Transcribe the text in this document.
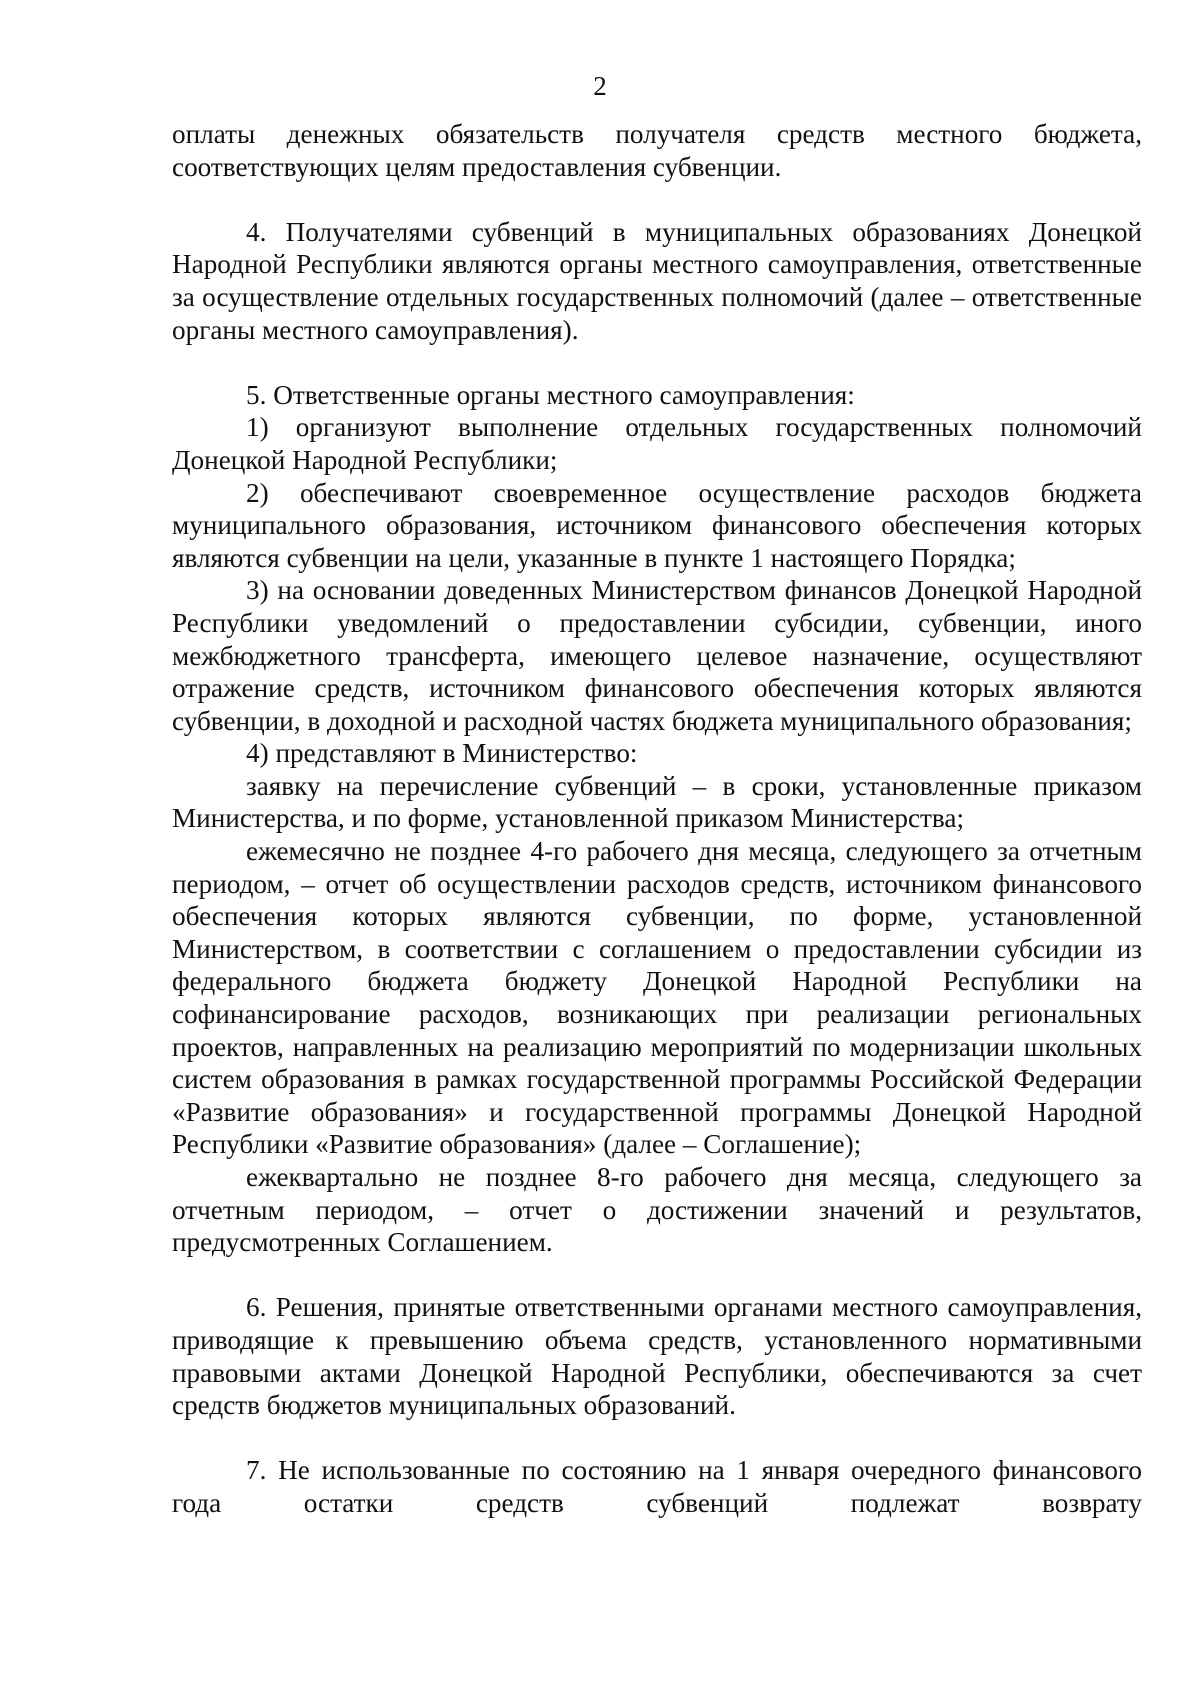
2

оплаты денежных обязательств получателя средств местного бюджета, соответствующих целям предоставления субвенции.

4. Получателями субвенций в муниципальных образованиях Донецкой Народной Республики являются органы местного самоуправления, ответственные за осуществление отдельных государственных полномочий (далее – ответственные органы местного самоуправления).

5. Ответственные органы местного самоуправления:

1) организуют выполнение отдельных государственных полномочий Донецкой Народной Республики;

2) обеспечивают своевременное осуществление расходов бюджета муниципального образования, источником финансового обеспечения которых являются субвенции на цели, указанные в пункте 1 настоящего Порядка;

3) на основании доведенных Министерством финансов Донецкой Народной Республики уведомлений о предоставлении субсидии, субвенции, иного межбюджетного трансферта, имеющего целевое назначение, осуществляют отражение средств, источником финансового обеспечения которых являются субвенции, в доходной и расходной частях бюджета муниципального образования;

4) представляют в Министерство:

заявку на перечисление субвенций – в сроки, установленные приказом Министерства, и по форме, установленной приказом Министерства;

ежемесячно не позднее 4-го рабочего дня месяца, следующего за отчетным периодом, – отчет об осуществлении расходов средств, источником финансового обеспечения которых являются субвенции, по форме, установленной Министерством, в соответствии с соглашением о предоставлении субсидии из федерального бюджета бюджету Донецкой Народной Республики на софинансирование расходов, возникающих при реализации региональных проектов, направленных на реализацию мероприятий по модернизации школьных систем образования в рамках государственной программы Российской Федерации «Развитие образования» и государственной программы Донецкой Народной Республики «Развитие образования» (далее – Соглашение);

ежеквартально не позднее 8-го рабочего дня месяца, следующего за отчетным периодом, – отчет о достижении значений и результатов, предусмотренных Соглашением.

6. Решения, принятые ответственными органами местного самоуправления, приводящие к превышению объема средств, установленного нормативными правовыми актами Донецкой Народной Республики, обеспечиваются за счет средств бюджетов муниципальных образований.

7. Не использованные по состоянию на 1 января очередного финансового года остатки средств субвенций подлежат возврату
